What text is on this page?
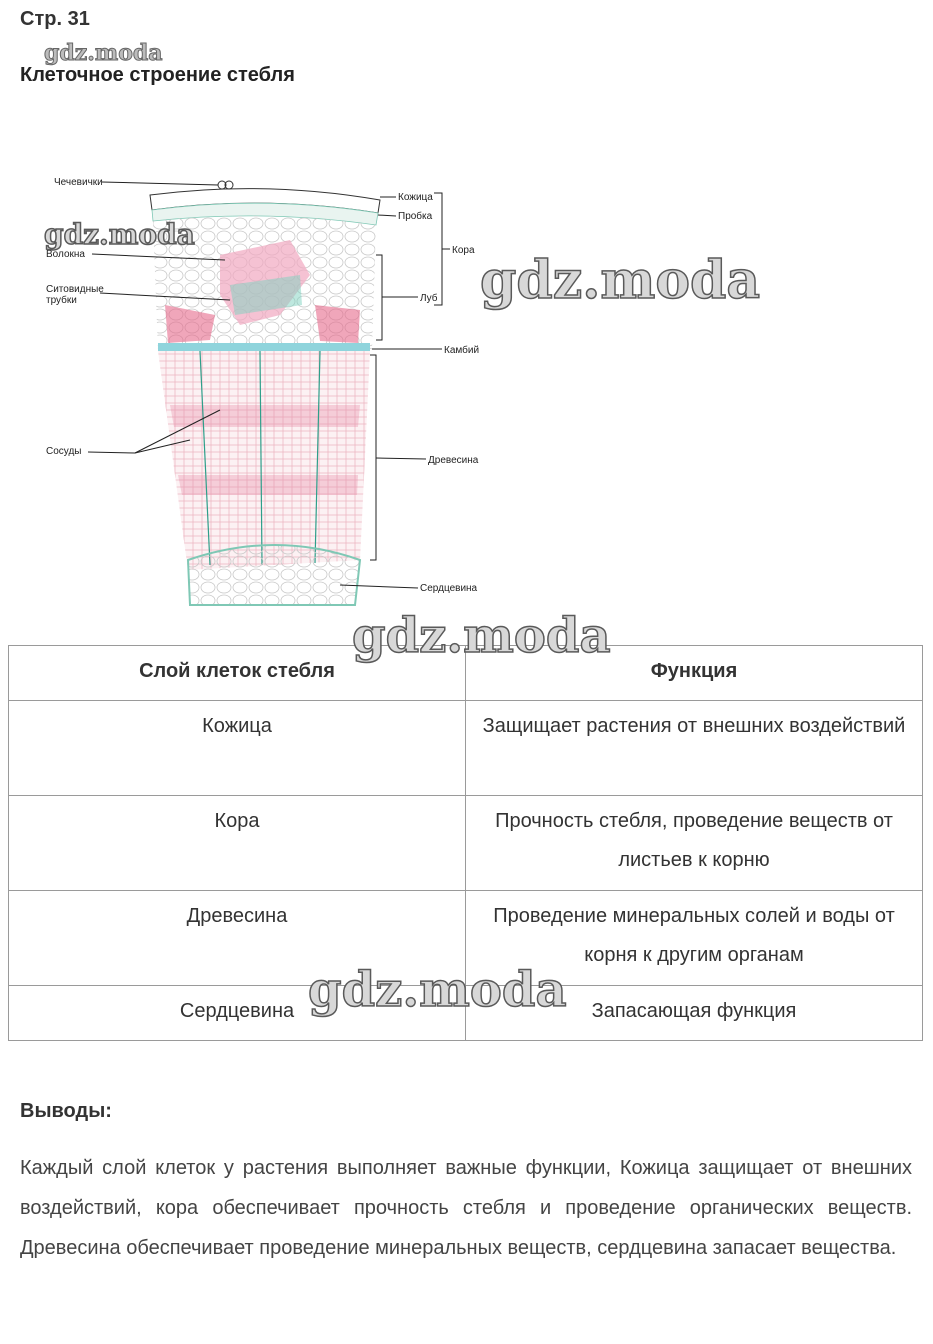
Стр. 31
gdz.moda
Клеточное строение стебля
Чечевички
Волокна
Ситовидные
трубки
Сосуды
Кожица
Пробка
Кора
Луб
Камбий
Древесина
Сердцевина
gdz.moda
gdz.moda
Слой клеток стебля	Функция
Кожица	Защищает растения от внешних воздействий
Кора	Прочность стебля, проведение веществ от листьев к корню
Древесина	Проведение минеральных солей и воды от корня к другим органам
Сердцевина	Запасающая функция
gdz.moda
gdz.moda
Выводы:
Каждый слой клеток у растения выполняет важные функции, Кожица защищает от внешних воздействий, кора обеспечивает прочность стебля и проведение органических веществ. Древесина обеспечивает проведение минеральных веществ, сердцевина запасает вещества.
